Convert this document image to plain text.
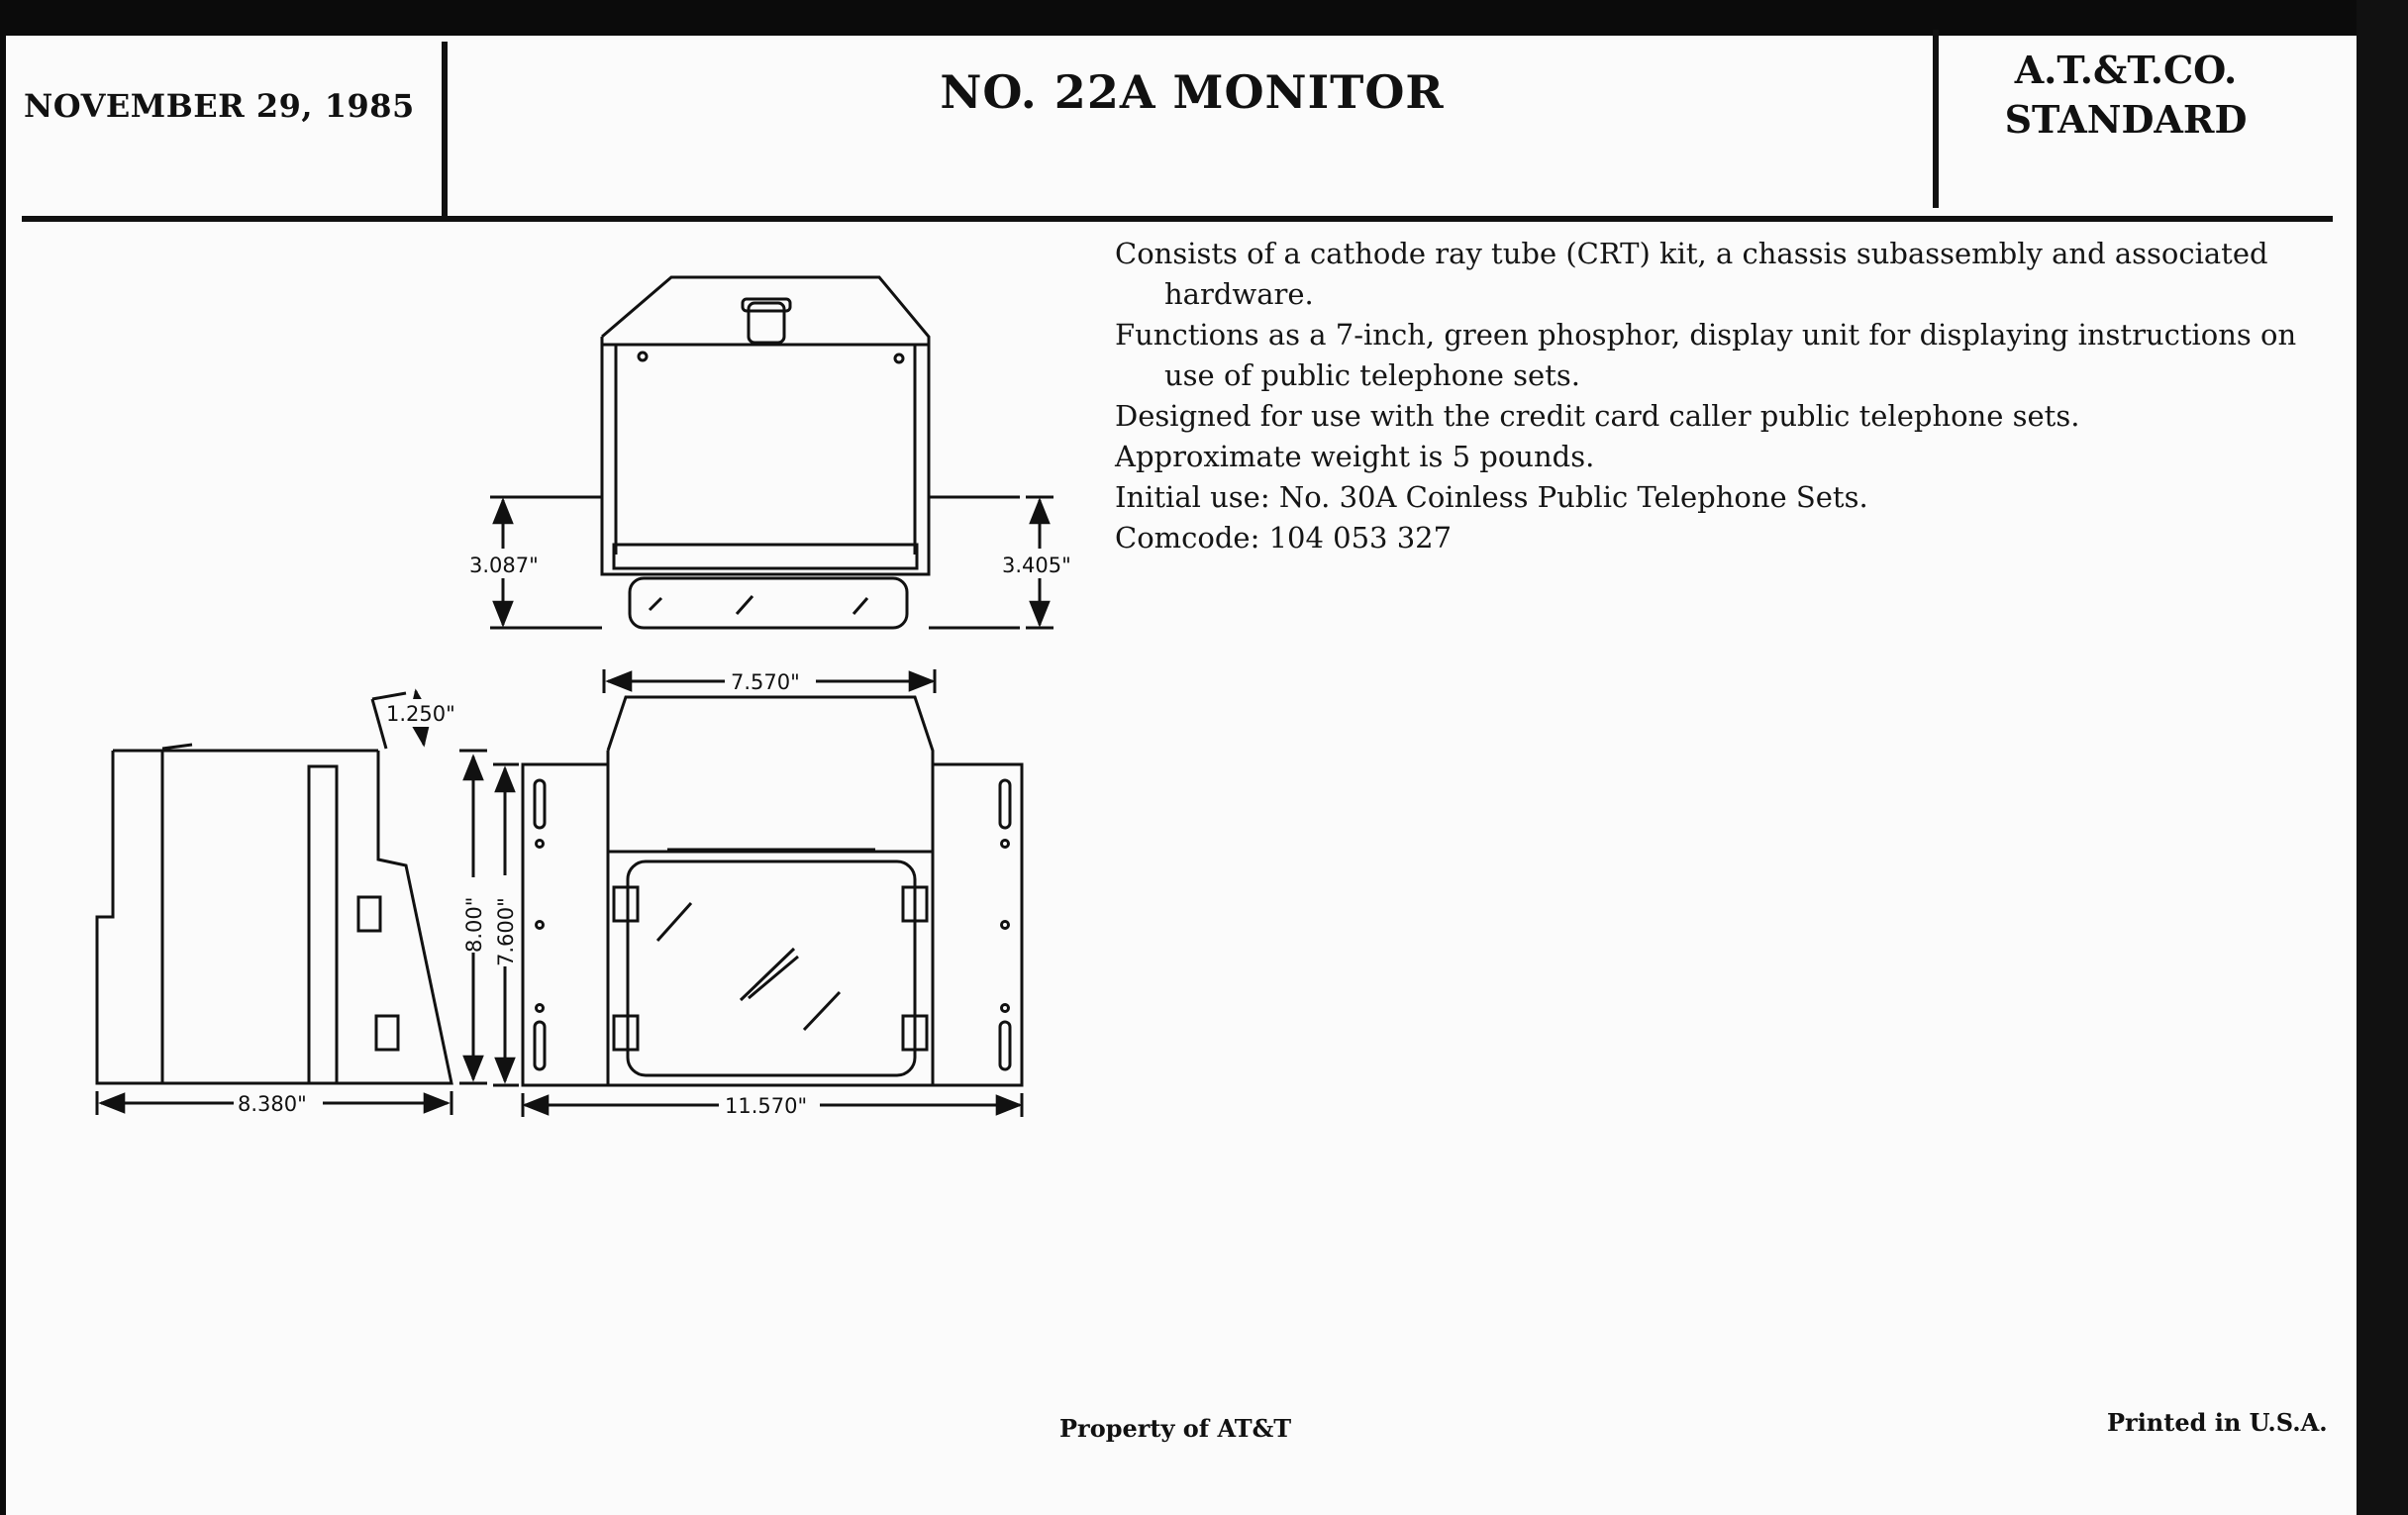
NOVEMBER 29, 1985	NO. 22A MONITOR	A.T.&T.CO.
STANDARD

Consists of a cathode ray tube (CRT) kit, a chassis subassembly and associated hardware.

Functions as a 7-inch, green phosphor, display unit for displaying instructions on use of public telephone sets.

Designed for use with the credit card caller public telephone sets.

Approximate weight is 5 pounds.

Initial use: No. 30A Coinless Public Telephone Sets.

Comcode: 104 053 327

3.087"	3.405"
7.570"
11.570"
8.380"
1.250"
8.00" 7.600"
Property of AT&T	Printed in U.S.A.
